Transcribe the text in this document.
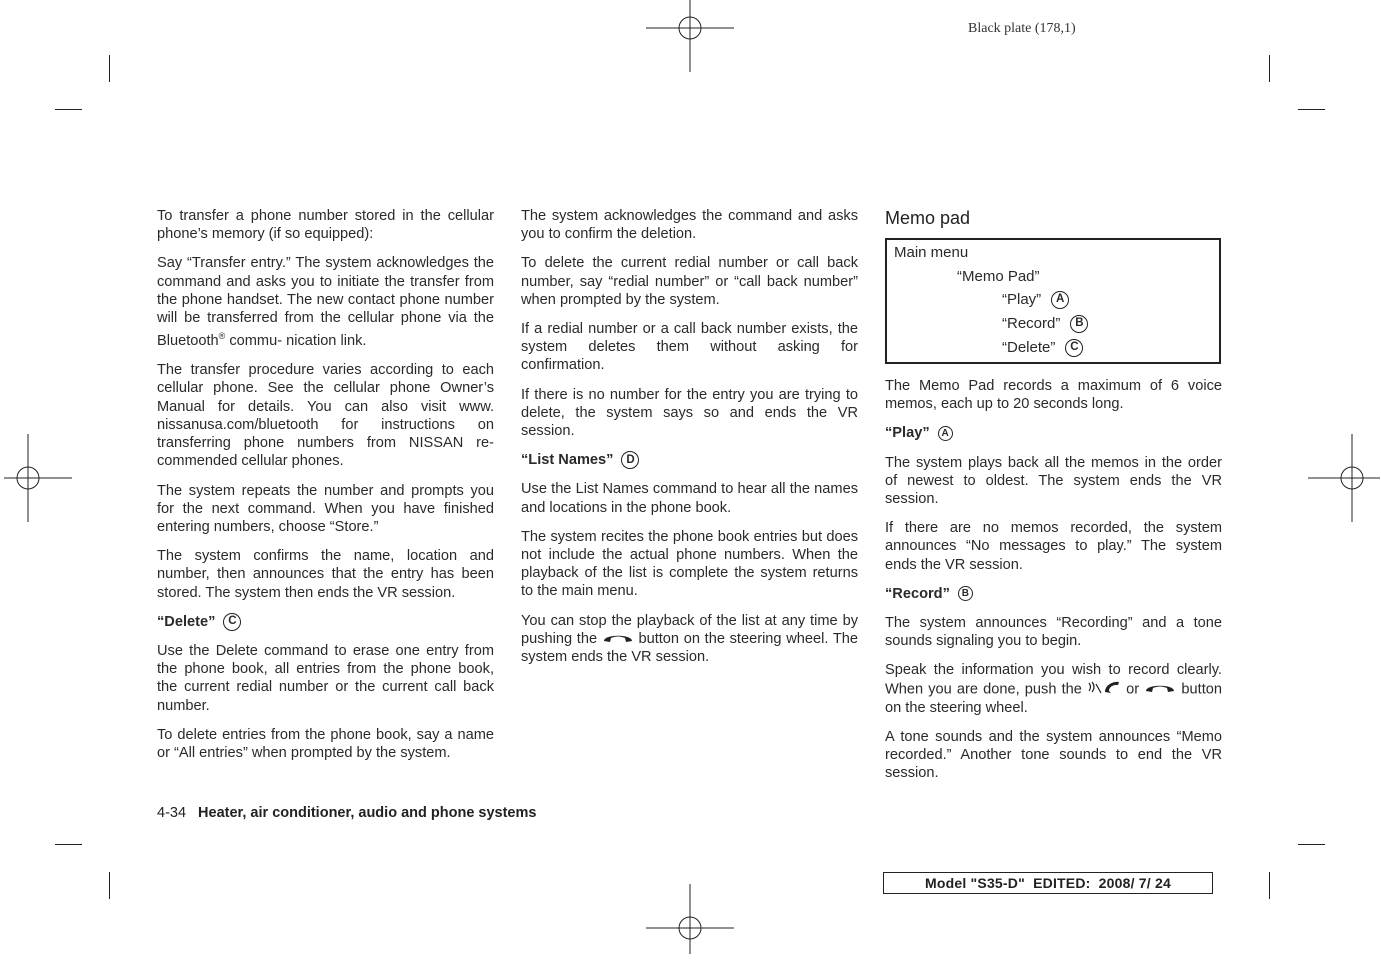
Black plate (178,1)

To transfer a phone number stored in the cellular phone’s memory (if so equipped):

Say “Transfer entry.” The system acknowledges the command and asks you to initiate the transfer from the phone handset. The new contact phone number will be transferred from the cellular phone via the Bluetooth® commu- nication link.

The transfer procedure varies according to each cellular phone. See the cellular phone Owner’s Manual for details. You can also visit www. nissanusa.com/bluetooth for instructions on transferring phone numbers from NISSAN re- commended cellular phones.

The system repeats the number and prompts you for the next command. When you have finished entering numbers, choose “Store.”

The system confirms the name, location and number, then announces that the entry has been stored. The system then ends the VR session.

“Delete”	C

Use the Delete command to erase one entry from the phone book, all entries from the phone book, the current redial number or the current call back number.

To delete entries from the phone book, say a name or “All entries” when prompted by the system.

The system acknowledges the command and asks you to confirm the deletion.

To delete the current redial number or call back number, say “redial number” or “call back number” when prompted by the system.

If a redial number or a call back number exists, the system deletes them without asking for confirmation.

If there is no number for the entry you are trying to delete, the system says so and ends the VR session.

“List Names”	D

Use the List Names command to hear all the names and locations in the phone book.

The system recites the phone book entries but does not include the actual phone numbers. When the playback of the list is complete the system returns to the main menu.

You can stop the playback of the list at any time by pushing the	button on the steering wheel. The system ends the VR session.

Memo pad
Main menu
“Memo Pad”
“Play”	A
“Record”	B
“Delete”	C

The Memo Pad records a maximum of 6 voice memos, each up to 20 seconds long.

“Play”	A

The system plays back all the memos in the order of newest to oldest. The system ends the VR session.

If there are no memos recorded, the system announces “No messages to play.” The system ends the VR session.

“Record”	B

The system announces “Recording” and a tone sounds signaling you to begin.

Speak the information you wish to record clearly. When you are done, push the	or	button on the steering wheel.

A tone sounds and the system announces “Memo recorded.” Another tone sounds to end the VR session.

4-34 Heater, air conditioner, audio and phone systems
Model "S35-D"  EDITED:  2008/ 7/ 24
